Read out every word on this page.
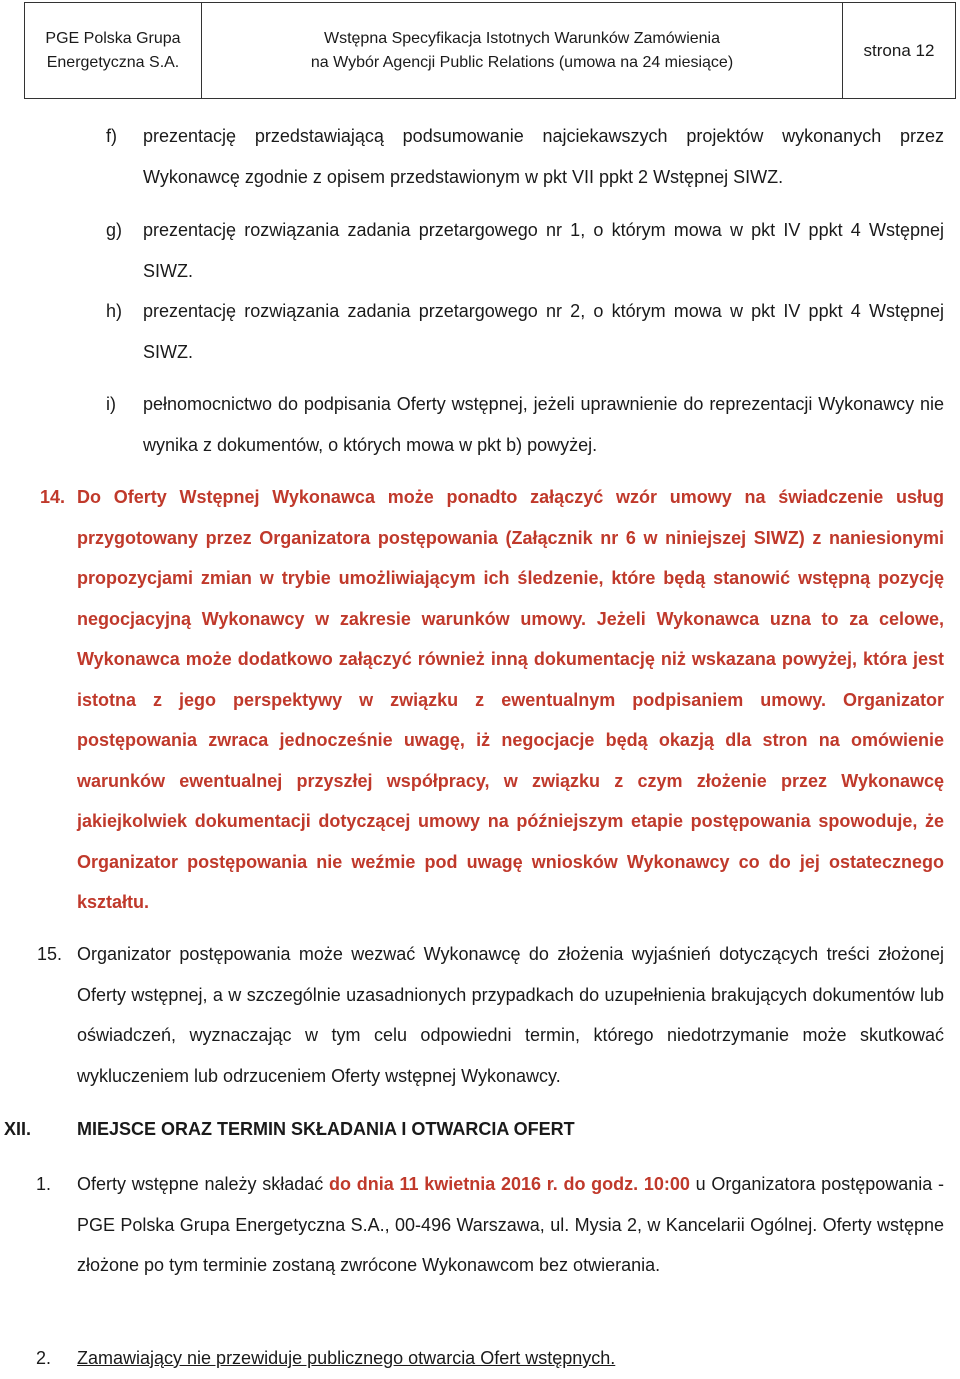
PGE Polska Grupa
Energetyczna S.A.
Wstępna Specyfikacja Istotnych Warunków Zamówienia
na Wybór Agencji Public Relations (umowa na 24 miesiące)
strona 12
f) prezentację przedstawiającą podsumowanie najciekawszych projektów wykonanych przez Wykonawcę zgodnie z opisem przedstawionym w pkt VII ppkt 2 Wstępnej SIWZ.
g) prezentację rozwiązania zadania przetargowego nr 1, o którym mowa w pkt IV ppkt 4 Wstępnej SIWZ.
h) prezentację rozwiązania zadania przetargowego nr 2, o którym mowa w pkt IV ppkt 4 Wstępnej SIWZ.
i) pełnomocnictwo do podpisania Oferty wstępnej, jeżeli uprawnienie do reprezentacji Wykonawcy nie wynika z dokumentów, o których mowa w pkt b) powyżej.
14. Do Oferty Wstępnej Wykonawca może ponadto załączyć wzór umowy na świadczenie usług przygotowany przez Organizatora postępowania (Załącznik nr 6 w niniejszej SIWZ) z naniesionymi propozycjami zmian w trybie umożliwiającym ich śledzenie, które będą stanowić wstępną pozycję negocjacyjną Wykonawcy w zakresie warunków umowy. Jeżeli Wykonawca uzna to za celowe, Wykonawca może dodatkowo załączyć również inną dokumentację niż wskazana powyżej, która jest istotna z jego perspektywy w związku z ewentualnym podpisaniem umowy. Organizator postępowania zwraca jednocześnie uwagę, iż negocjacje będą okazją dla stron na omówienie warunków ewentualnej przyszłej współpracy, w związku z czym złożenie przez Wykonawcę jakiejkolwiek dokumentacji dotyczącej umowy na późniejszym etapie postępowania spowoduje, że Organizator postępowania nie weźmie pod uwagę wniosków Wykonawcy co do jej ostatecznego kształtu.
15. Organizator postępowania może wezwać Wykonawcę do złożenia wyjaśnień dotyczących treści złożonej Oferty wstępnej, a w szczególnie uzasadnionych przypadkach do uzupełnienia brakujących dokumentów lub oświadczeń, wyznaczając w tym celu odpowiedni termin, którego niedotrzymanie może skutkować wykluczeniem lub odrzuceniem Oferty wstępnej Wykonawcy.
XII.	MIEJSCE ORAZ TERMIN SKŁADANIA I OTWARCIA OFERT
1. Oferty wstępne należy składać do dnia 11 kwietnia 2016 r. do godz. 10:00 u Organizatora postępowania - PGE Polska Grupa Energetyczna S.A., 00-496 Warszawa, ul. Mysia 2, w Kancelarii Ogólnej. Oferty wstępne złożone po tym terminie zostaną zwrócone Wykonawcom bez otwierania.
2. Zamawiający nie przewiduje publicznego otwarcia Ofert wstępnych.
